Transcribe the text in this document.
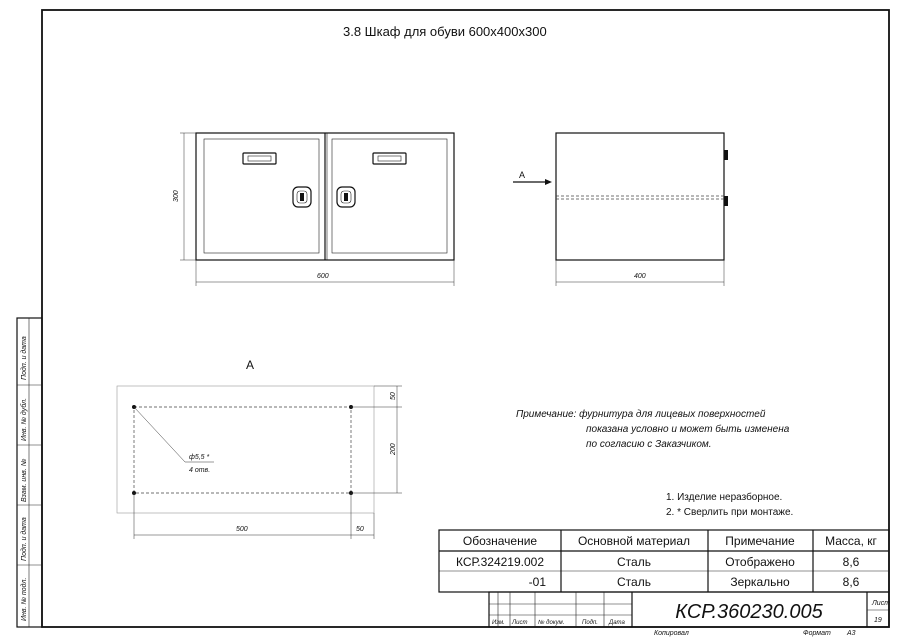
Подп. и дата
Инв. № дубл.
Взам. инв. №
Подп. и дата
Инв. № подл.
3.8 Шкаф для обуви 600х400х300
300
600
А
400
А
ф5,5 *
4 отв.
50
200
500	50
Примечание: фурнитура для лицевых поверхностей
показана условно и может быть изменена
по согласию с Заказчиком.
1. Изделие неразборное.
2. * Сверлить при монтаже.
Обозначение	Основной материал	Примечание	Масса, кг
КСР.324219.002	Сталь	Отображено	8,6
-01	Сталь	Зеркально	8,6
Изм. Лист № докум.	Подп. Дата	КСР.360230.005	Лист
19
Копировал	Формат А3
